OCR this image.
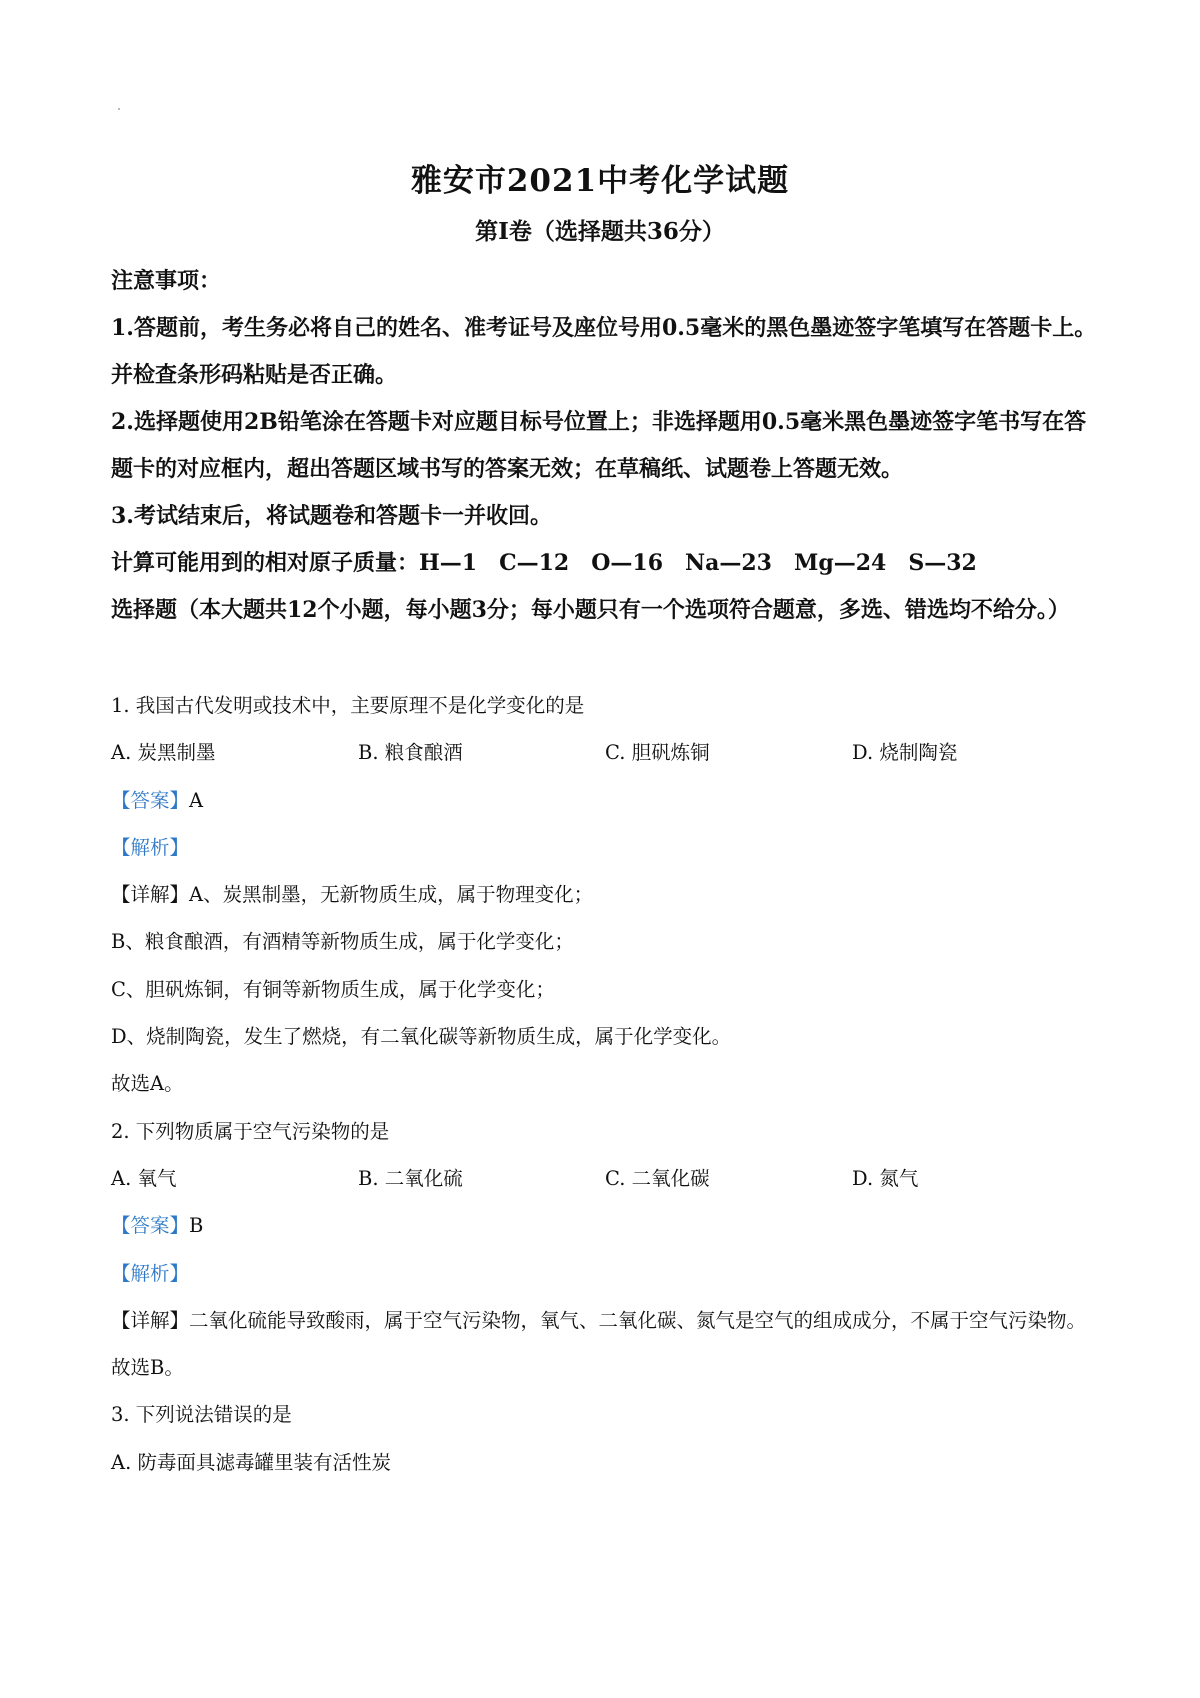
雅安市2021中考化学试题
第Ⅰ卷（选择题共36分）

注意事项：

1.答题前，考生务必将自己的姓名、准考证号及座位号用0.5毫米的黑色墨迹签字笔填写在答题卡上。并检查条形码粘贴是否正确。

2.选择题使用2B铅笔涂在答题卡对应题目标号位置上；非选择题用0.5毫米黑色墨迹签字笔书写在答题卡的对应框内，超出答题区域书写的答案无效；在草稿纸、试题卷上答题无效。

3.考试结束后，将试题卷和答题卡一并收回。

计算可能用到的相对原子质量：H—1　C—12　O—16　Na—23　Mg—24　S—32

选择题（本大题共12个小题，每小题3分；每小题只有一个选项符合题意，多选、错选均不给分。）

1. 我国古代发明或技术中，主要原理不是化学变化的是

A. 炭黑制墨	B. 粮食酿酒	C. 胆矾炼铜	D. 烧制陶瓷

【答案】A

【解析】

【详解】A、炭黑制墨，无新物质生成，属于物理变化；

B、粮食酿酒，有酒精等新物质生成，属于化学变化；

C、胆矾炼铜，有铜等新物质生成，属于化学变化；

D、烧制陶瓷，发生了燃烧，有二氧化碳等新物质生成，属于化学变化。

故选A。

2. 下列物质属于空气污染物的是

A. 氧气	B. 二氧化硫	C. 二氧化碳	D. 氮气

【答案】B

【解析】

【详解】二氧化硫能导致酸雨，属于空气污染物，氧气、二氧化碳、氮气是空气的组成成分，不属于空气污染物。

故选B。

3. 下列说法错误的是

A. 防毒面具滤毒罐里装有活性炭
